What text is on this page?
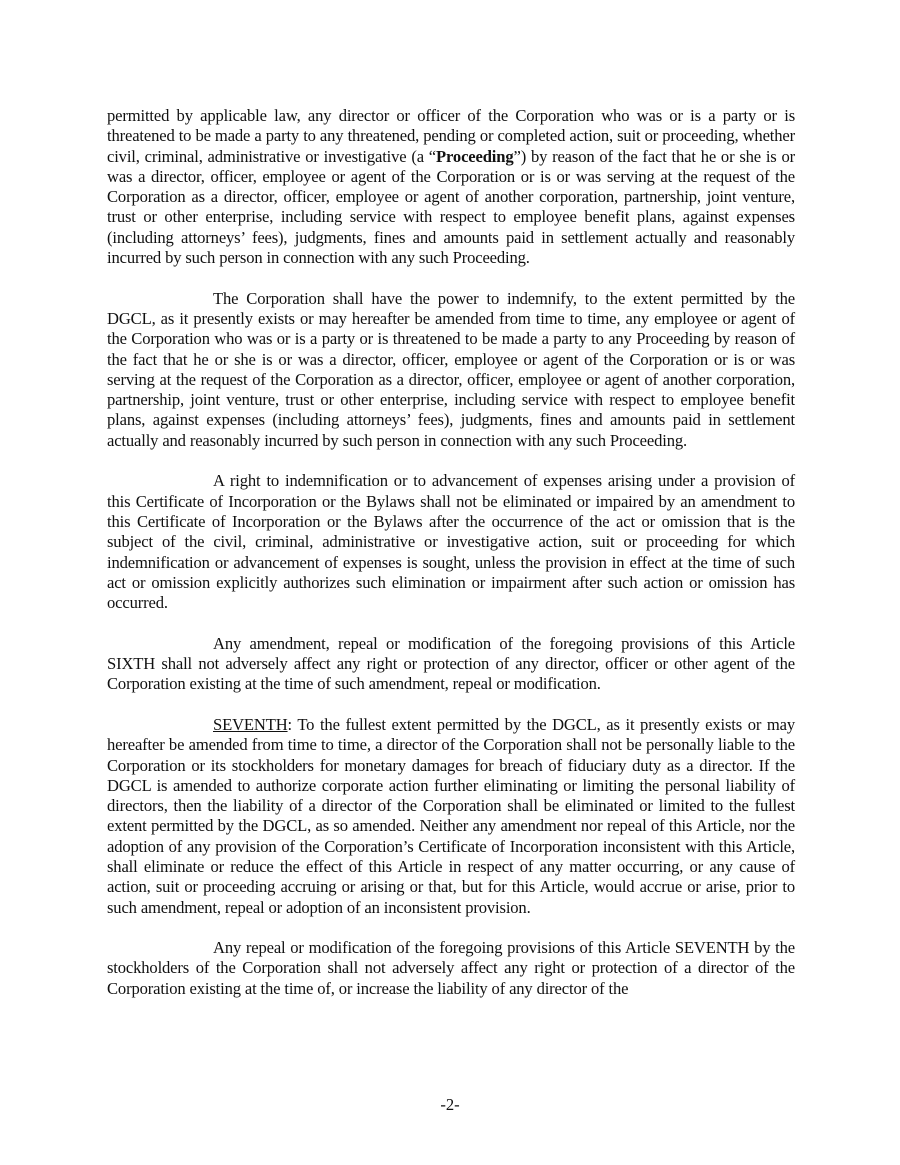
permitted by applicable law, any director or officer of the Corporation who was or is a party or is threatened to be made a party to any threatened, pending or completed action, suit or proceeding, whether civil, criminal, administrative or investigative (a “Proceeding”) by reason of the fact that he or she is or was a director, officer, employee or agent of the Corporation or is or was serving at the request of the Corporation as a director, officer, employee or agent of another corporation, partnership, joint venture, trust or other enterprise, including service with respect to employee benefit plans, against expenses (including attorneys’ fees), judgments, fines and amounts paid in settlement actually and reasonably incurred by such person in connection with any such Proceeding.

The Corporation shall have the power to indemnify, to the extent permitted by the DGCL, as it presently exists or may hereafter be amended from time to time, any employee or agent of the Corporation who was or is a party or is threatened to be made a party to any Proceeding by reason of the fact that he or she is or was a director, officer, employee or agent of the Corporation or is or was serving at the request of the Corporation as a director, officer, employee or agent of another corporation, partnership, joint venture, trust or other enterprise, including service with respect to employee benefit plans, against expenses (including attorneys’ fees), judgments, fines and amounts paid in settlement actually and reasonably incurred by such person in connection with any such Proceeding.

A right to indemnification or to advancement of expenses arising under a provision of this Certificate of Incorporation or the Bylaws shall not be eliminated or impaired by an amendment to this Certificate of Incorporation or the Bylaws after the occurrence of the act or omission that is the subject of the civil, criminal, administrative or investigative action, suit or proceeding for which indemnification or advancement of expenses is sought, unless the provision in effect at the time of such act or omission explicitly authorizes such elimination or impairment after such action or omission has occurred.

Any amendment, repeal or modification of the foregoing provisions of this Article SIXTH shall not adversely affect any right or protection of any director, officer or other agent of the Corporation existing at the time of such amendment, repeal or modification.

SEVENTH: To the fullest extent permitted by the DGCL, as it presently exists or may hereafter be amended from time to time, a director of the Corporation shall not be personally liable to the Corporation or its stockholders for monetary damages for breach of fiduciary duty as a director. If the DGCL is amended to authorize corporate action further eliminating or limiting the personal liability of directors, then the liability of a director of the Corporation shall be eliminated or limited to the fullest extent permitted by the DGCL, as so amended. Neither any amendment nor repeal of this Article, nor the adoption of any provision of the Corporation’s Certificate of Incorporation inconsistent with this Article, shall eliminate or reduce the effect of this Article in respect of any matter occurring, or any cause of action, suit or proceeding accruing or arising or that, but for this Article, would accrue or arise, prior to such amendment, repeal or adoption of an inconsistent provision.

Any repeal or modification of the foregoing provisions of this Article SEVENTH by the stockholders of the Corporation shall not adversely affect any right or protection of a director of the Corporation existing at the time of, or increase the liability of any director of the

-2-
